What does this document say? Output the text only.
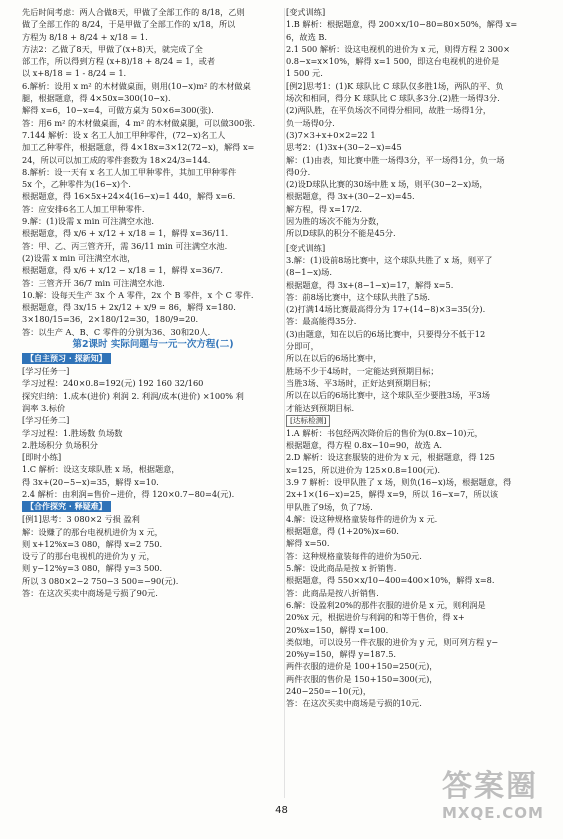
先后时间考虑：两人合做8天，甲做了全部工作的 8/18，乙则
做了全部工作的 8/24，于是甲做了全部工作的 x/18，所以
方程为 8/18 + 8/24 + x/18 = 1.
方法2：乙做了8天，甲做了(x+8)天，就完成了全
部工作，所以得到方程 (x+8)/18 + 8/24 = 1，或者
以 x+8/18 = 1 - 8/24 = 1.
6.解析：设用 x m² 的木材做桌面，则用(10−x)m² 的木材做桌
腿，根据题意，得 4×50x=300(10−x).
解得 x=6，10−x=4，可做方桌为 50×6=300(张).
答：用6 m² 的木材做桌面，4 m² 的木材做桌腿，可以做300张.
7.144 解析：设 x 名工人加工甲种零件，(72−x)名工人
加工乙种零件，根据题意，得 4×18x=3×12(72−x)，解得 x=
24，所以可以加工成的零件套数为 18×24/3=144.
8.解析：设一天有 x 名工人加工甲种零件，其加工甲种零件
5x 个，乙种零件为(16−x)个.
根据题意，得 16×5x+24×4(16−x)=1 440，解得 x=6.
答：应安排6名工人加工甲种零件.
9.解：(1)设需 x min 可注满空水池.
根据题意，得 x/6 + x/12 + x/18 = 1，解得 x=36/11.
答：甲、乙、丙三管齐开，需 36/11 min 可注满空水池.
(2)设需 x min 可注满空水池，
根据题意，得 x/6 + x/12 − x/18 = 1，解得 x=36/7.
答：三管齐开 36/7 min 可注满空水池.
10.解：设每天生产 3x 个 A 零件，2x 个 B 零件，x 个 C 零件.
根据题意，得 3x/15 + 2x/12 + x/9 = 86，解得 x=180.
3×180/15=36，2×180/12=30，180/9=20.
答：以生产 A、B、C 零件的分别为36、30和20人.
第2课时 实际问题与一元一次方程(二)
【自主预习 · 探新知】
[学习任务一]
学习过程：240×0.8=192(元) 192 160 32/160
探究归纳：1.成本(进价) 利润 2. 利润/成本(进价) ×100% 利
润率 3.标价
[学习任务二]
学习过程：1.胜场数 负场数
2.胜场积分 负场积分
[即时小练]
1.C 解析：设这支球队胜 x 场，根据题意，
得 3x+(20−5−x)=35，解得 x=10.
2.4 解析：由利润=售价−进价，得 120×0.7−80=4(元).
【合作探究 · 释疑难】
[例1]思考：3 080×2 亏损 盈利
解：设赚了的那台电视机进价为 x 元，
则 x+12%x=3 080，解得 x=2 750.
设亏了的那台电视机的进价为 y 元，
则 y−12%y=3 080，解得 y=3 500.
所以 3 080×2−2 750−3 500=−90(元).
答：在这次买卖中商场是亏损了90元.
[变式训练]
1.B 解析：根据题意，得 200×x/10−80=80×50%，解得 x=
6，故选 B.
2.1 500 解析：设这电视机的进价为 x 元，则得方程 2 300×
0.8−x=x×10%，解得 x=1 500，即这台电视机的进价是
1 500 元.
[例2]思考1：(1)K 球队比 C 球队仅多胜1场，两队的平、负
场次和相同，得分 K 球队比 C 球队多3分.(2)胜一场得3分.
(2)两队胜，在平负场次不同得分相同，故胜一场得1分，
负一场得0分.
(3)7×3+x+0×2=22 1
思考2：(1)3x+(30−2−x)=45
解：(1)由表，知比赛中胜一场得3分，平一场得1分，负一场
得0分.
(2)设D球队比赛的30场中胜 x 场，则平(30−2−x)场，
根据题意，得 3x+(30−2−x)=45.
解方程，得 x=17/2.
因为胜的场次不能为分数，
所以D球队的积分不能是45分.
[变式训练]
3.解：(1)设前8场比赛中，这个球队共胜了 x 场，则平了
(8−1−x)场.
根据题意，得 3x+(8−1−x)=17，解得 x=5.
答：前8场比赛中，这个球队共胜了5场.
(2)打满14场比赛最高得分为 17+(14−8)×3=35(分).
答：最高能得35分.
(3)由题意，知在以后的6场比赛中，只要得分不低于12
分即可，
所以在以后的6场比赛中，
胜场不少于4场时，一定能达到预期目标；
当胜3场、平3场时，正好达到预期目标；
所以在以后的6场比赛中，这个球队至少要胜3场，平3场
才能达到预期目标.
[达标检测]
1.A 解析：书包经两次降价后的售价为(0.8x−10)元，
根据题意，得方程 0.8x−10=90，故选 A.
2.D 解析：设这套服装的进价为 x 元，根据题意，得 125
x=125，所以进价为 125×0.8=100(元).
3.9 7 解析：设甲队胜了 x 场，则负(16−x)场，根据题意，得
2x+1×(16−x)=25，解得 x=9，所以 16−x=7，所以该
甲队胜了9场，负了7场.
4.解：设这种规格童装每件的进价为 x 元.
根据题意，得 (1+20%)x=60.
解得 x=50.
答：这种规格童装每件的进价为50元.
5.解：设此商品是按 x 折销售.
根据题意，得 550×x/10−400=400×10%，解得 x=8.
答：此商品是按八折销售.
6.解：设盈利20%的那件衣服的进价是 x 元，则利润是
20%x 元，根据进价与利润的和等于售价，得 x+
20%x=150，解得 x=100.
类似地，可以设另一件衣服的进价为 y 元，则可列方程 y−
20%y=150，解得 y=187.5.
两件衣服的进价是 100+150=250(元)，
两件衣服的售价是 150+150=300(元)，
240−250=−10(元)，
答：在这次买卖中商场是亏损的10元.
48
答案圈
MXQE.COM
